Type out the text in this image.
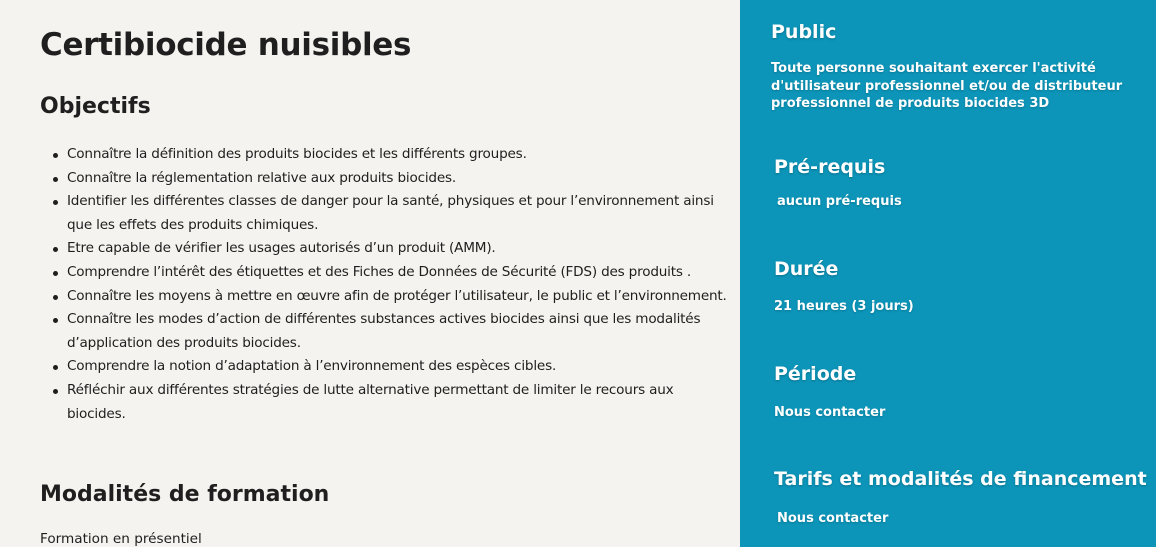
Certibiocide nuisibles
Objectifs
Connaître la définition des produits biocides et les différents groupes.
Connaître la réglementation relative aux produits biocides.
Identifier les différentes classes de danger pour la santé, physiques et pour l’environnement ainsi que les effets des produits chimiques.
Etre capable de vérifier les usages autorisés d’un produit (AMM).
Comprendre l’intérêt des étiquettes et des Fiches de Données de Sécurité (FDS) des produits .
Connaître les moyens à mettre en œuvre afin de protéger l’utilisateur, le public et l’environnement.
Connaître les modes d’action de différentes substances actives biocides ainsi que les modalités d’application des produits biocides.
Comprendre la notion d’adaptation à l’environnement des espèces cibles.
Réfléchir aux différentes stratégies de lutte alternative permettant de limiter le recours aux biocides.
Modalités de formation
Formation en présentiel
Public
Toute personne souhaitant exercer l'activité d'utilisateur professionnel et/ou de distributeur professionnel de produits biocides 3D
Pré-requis
aucun pré-requis
Durée
21 heures (3 jours)
Période
Nous contacter
Tarifs et modalités de financement
Nous contacter
